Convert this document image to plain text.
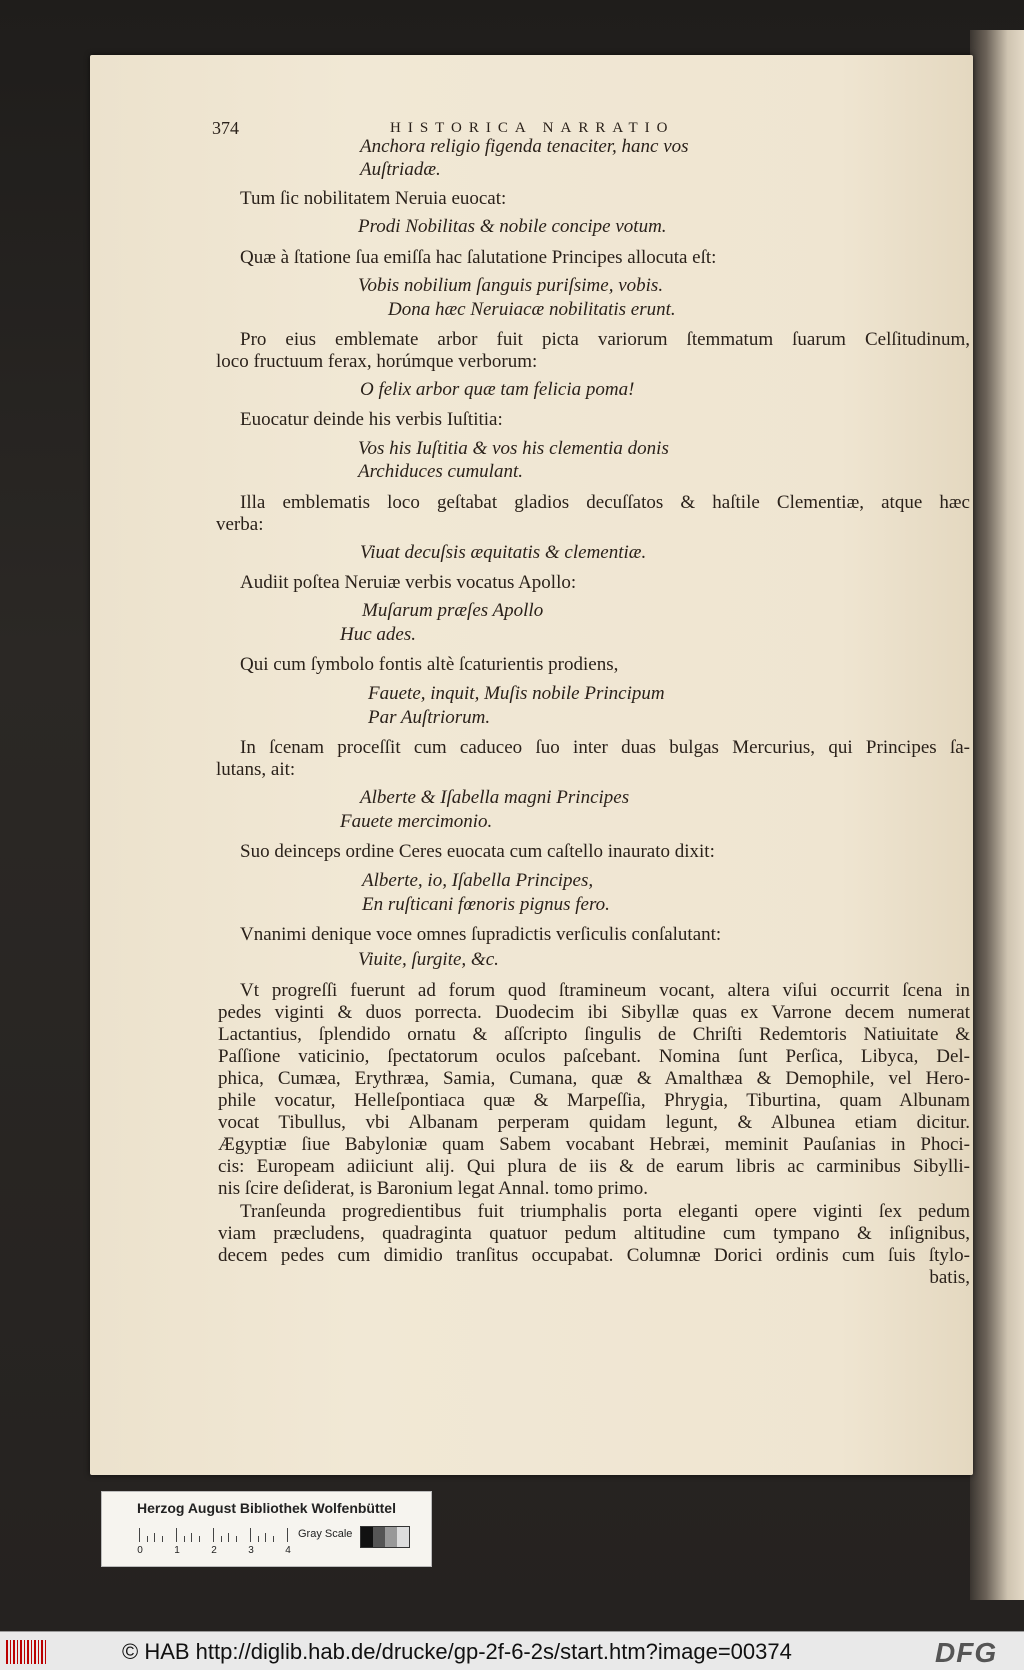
374	HISTORICA NARRATIO
Anchora religio figenda tenaciter, hanc vos
Auſtriadæ.
Tum ſic nobilitatem Neruia euocat:
Prodi Nobilitas & nobile concipe votum.
Quæ à ſtatione ſua emiſſa hac ſalutatione Principes allocuta eſt:
Vobis nobilium ſanguis puriſsime, vobis.
Dona hæc Neruiacæ nobilitatis erunt.
Pro eius emblemate arbor fuit picta variorum ſtemmatum ſuarum Celſitudinum,
loco fructuum ferax, horúmque verborum:
O felix arbor quæ tam felicia poma!
Euocatur deinde his verbis Iuſtitia:
Vos his Iuſtitia & vos his clementia donis
Archiduces cumulant.
Illa emblematis loco geſtabat gladios decuſſatos & haſtile Clementiæ, atque hæc
verba:
Viuat decuſsis æquitatis & clementiæ.
Audiit poſtea Neruiæ verbis vocatus Apollo:
Muſarum præſes Apollo
Huc ades.
Qui cum ſymbolo fontis altè ſcaturientis prodiens,
Fauete, inquit, Muſis nobile Principum
Par Auſtriorum.
In ſcenam proceſſit cum caduceo ſuo inter duas bulgas Mercurius, qui Principes ſa-
lutans, ait:
Alberte & Iſabella magni Principes
Fauete mercimonio.
Suo deinceps ordine Ceres euocata cum caſtello inaurato dixit:
Alberte, io, Iſabella Principes,
En ruſticani fœnoris pignus fero.
Vnanimi denique voce omnes ſupradictis verſiculis conſalutant:
Viuite, ſurgite, &c.
Vt progreſſi fuerunt ad forum quod ſtramineum vocant, altera viſui occurrit ſcena in
pedes viginti & duos porrecta. Duodecim ibi Sibyllæ quas ex Varrone decem numerat
Lactantius, ſplendido ornatu & aſſcripto ſingulis de Chriſti Redemtoris Natiuitate &
Paſſione vaticinio, ſpectatorum oculos paſcebant. Nomina ſunt Perſica, Libyca, Del-
phica, Cumæa, Erythræa, Samia, Cumana, quæ & Amalthæa & Demophile, vel Hero-
phile vocatur, Helleſpontiaca quæ & Marpeſſia, Phrygia, Tiburtina, quam Albunam
vocat Tibullus, vbi Albanam perperam quidam legunt, & Albunea etiam dicitur.
Ægyptiæ ſiue Babyloniæ quam Sabem vocabant Hebræi, meminit Pauſanias in Phoci-
cis: Europeam adiiciunt alij. Qui plura de iis & de earum libris ac carminibus Sibylli-
nis ſcire deſiderat, is Baronium legat Annal. tomo primo.
Tranſeunda progredientibus fuit triumphalis porta eleganti opere viginti ſex pedum
viam præcludens, quadraginta quatuor pedum altitudine cum tympano & inſignibus,
decem pedes cum dimidio tranſitus occupabat. Columnæ Dorici ordinis cum ſuis ſtylo-
batis,
Herzog August Bibliothek Wolfenbüttel
0	1	2	3	4
Gray Scale
© HAB http://diglib.hab.de/drucke/gp-2f-6-2s/start.htm?image=00374	DFG
